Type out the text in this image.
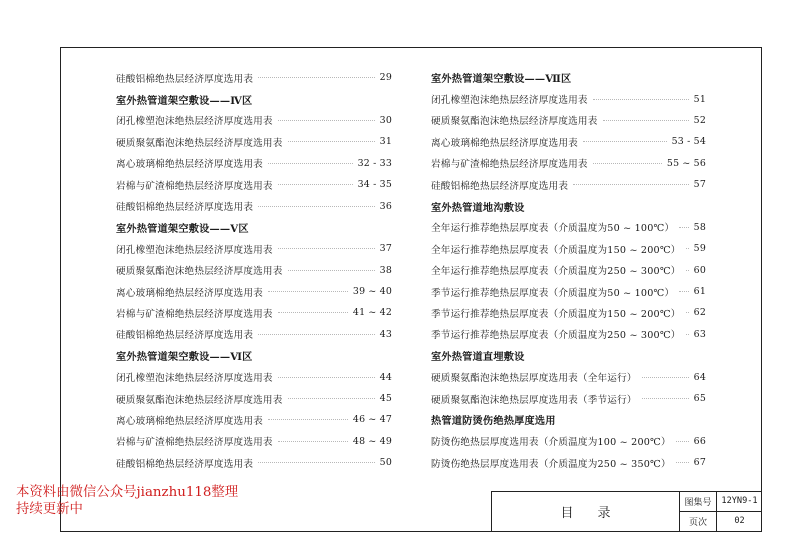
硅酸铝棉绝热层经济厚度选用表	29
室外热管道架空敷设——Ⅳ区
闭孔橡塑泡沫绝热层经济厚度选用表	30
硬质聚氨酯泡沫绝热层经济厚度选用表	31
离心玻璃棉绝热层经济厚度选用表	32 - 33
岩棉与矿渣棉绝热层经济厚度选用表	34 - 35
硅酸铝棉绝热层经济厚度选用表	36
室外热管道架空敷设——Ⅴ区
闭孔橡塑泡沫绝热层经济厚度选用表	37
硬质聚氨酯泡沫绝热层经济厚度选用表	38
离心玻璃棉绝热层经济厚度选用表	39 ~ 40
岩棉与矿渣棉绝热层经济厚度选用表	41 ~ 42
硅酸铝棉绝热层经济厚度选用表	43
室外热管道架空敷设——Ⅵ区
闭孔橡塑泡沫绝热层经济厚度选用表	44
硬质聚氨酯泡沫绝热层经济厚度选用表	45
离心玻璃棉绝热层经济厚度选用表	46 ~ 47
岩棉与矿渣棉绝热层经济厚度选用表	48 ~ 49
硅酸铝棉绝热层经济厚度选用表	50
室外热管道架空敷设——Ⅶ区
闭孔橡塑泡沫绝热层经济厚度选用表	51
硬质聚氨酯泡沫绝热层经济厚度选用表	52
离心玻璃棉绝热层经济厚度选用表	53 - 54
岩棉与矿渣棉绝热层经济厚度选用表	55 ~ 56
硅酸铝棉绝热层经济厚度选用表	57
室外热管道地沟敷设
全年运行推荐绝热层厚度表（介质温度为50 ~ 100℃）	58
全年运行推荐绝热层厚度表（介质温度为150 ~ 200℃）	59
全年运行推荐绝热层厚度表（介质温度为250 ~ 300℃）	60
季节运行推荐绝热层厚度表（介质温度为50 ~ 100℃）	61
季节运行推荐绝热层厚度表（介质温度为150 ~ 200℃）	62
季节运行推荐绝热层厚度表（介质温度为250 ~ 300℃）	63
室外热管道直埋敷设
硬质聚氨酯泡沫绝热层厚度选用表（全年运行）	64
硬质聚氨酯泡沫绝热层厚度选用表（季节运行）	65
热管道防烫伤绝热厚度选用
防烫伤绝热层厚度选用表（介质温度为100 ~ 200℃）	66
防烫伤绝热层厚度选用表（介质温度为250 ~ 350℃）	67
目录
图集号	12YN9-1
页次	02
本资料由微信公众号jianzhu118整理
持续更新中
